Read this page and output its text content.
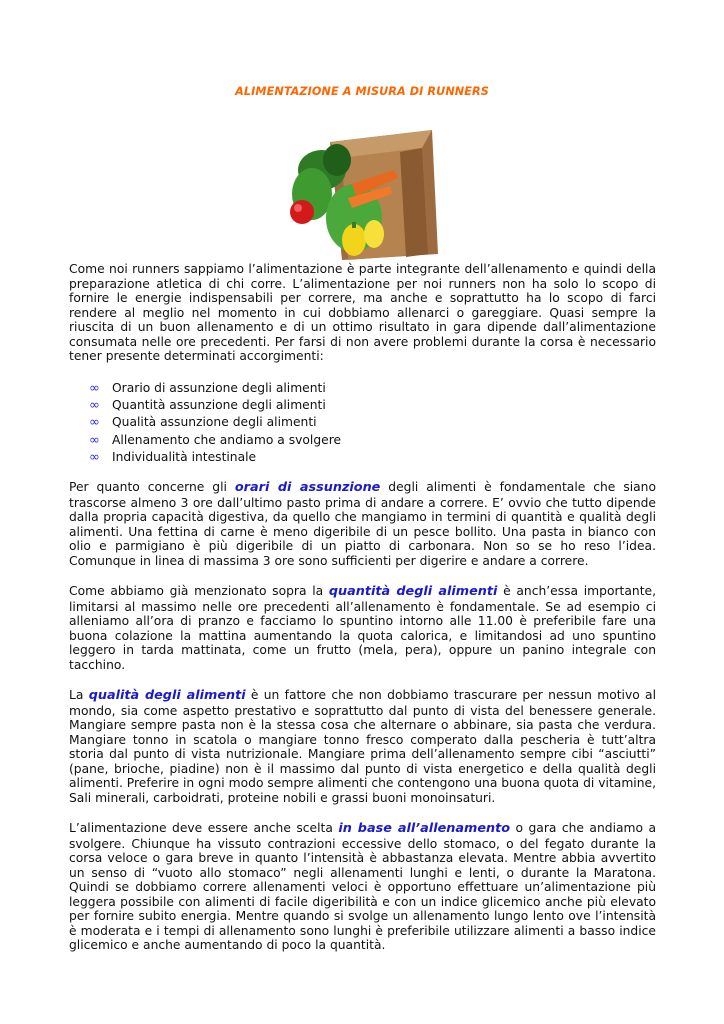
ALIMENTAZIONE A MISURA DI RUNNERS

Come noi runners sappiamo l’alimentazione è parte integrante dell’allenamento e quindi della preparazione atletica di chi corre. L’alimentazione per noi runners non ha solo lo scopo di fornire le energie indispensabili per correre, ma anche e soprattutto ha lo scopo di farci rendere al meglio nel momento in cui dobbiamo allenarci o gareggiare. Quasi sempre la riuscita di un buon allenamento e di un ottimo risultato in gara dipende dall’alimentazione consumata nelle ore precedenti. Per farsi di non avere problemi durante la corsa è necessario tener presente determinati accorgimenti:

∞ Orario di assunzione degli alimenti
∞ Quantità assunzione degli alimenti
∞ Qualità assunzione degli alimenti
∞ Allenamento che andiamo a svolgere
∞ Individualità intestinale

Per quanto concerne gli orari di assunzione degli alimenti è fondamentale che siano trascorse almeno 3 ore dall’ultimo pasto prima di andare a correre. E’ ovvio che tutto dipende dalla propria capacità digestiva, da quello che mangiamo in termini di quantità e qualità degli alimenti. Una fettina di carne è meno digeribile di un pesce bollito. Una pasta in bianco con olio e parmigiano è più digeribile di un piatto di carbonara. Non so se ho reso l’idea. Comunque in linea di massima 3 ore sono sufficienti per digerire e andare a correre.

Come abbiamo già menzionato sopra la quantità degli alimenti è anch’essa importante, limitarsi al massimo nelle ore precedenti all’allenamento è fondamentale. Se ad esempio ci alleniamo all’ora di pranzo e facciamo lo spuntino intorno alle 11.00 è preferibile fare una buona colazione la mattina aumentando la quota calorica, e limitandosi ad uno spuntino leggero in tarda mattinata, come un frutto (mela, pera), oppure un panino integrale con tacchino.

La qualità degli alimenti è un fattore che non dobbiamo trascurare per nessun motivo al mondo, sia come aspetto prestativo e soprattutto dal punto di vista del benessere generale. Mangiare sempre pasta non è la stessa cosa che alternare o abbinare, sia pasta che verdura. Mangiare tonno in scatola o mangiare tonno fresco comperato dalla pescheria è tutt’altra storia dal punto di vista nutrizionale. Mangiare prima dell’allenamento sempre cibi “asciutti” (pane, brioche, piadine) non è il massimo dal punto di vista energetico e della qualità degli alimenti. Preferire in ogni modo sempre alimenti che contengono una buona quota di vitamine, Sali minerali, carboidrati, proteine nobili e grassi buoni monoinsaturi.

L’alimentazione deve essere anche scelta in base all’allenamento o gara che andiamo a svolgere. Chiunque ha vissuto contrazioni eccessive dello stomaco, o del fegato durante la corsa veloce o gara breve in quanto l’intensità è abbastanza elevata. Mentre abbia avvertito un senso di “vuoto allo stomaco” negli allenamenti lunghi e lenti, o durante la Maratona. Quindi se dobbiamo correre allenamenti veloci è opportuno effettuare un’alimentazione più leggera possibile con alimenti di facile digeribilità e con un indice glicemico anche più elevato per fornire subito energia. Mentre quando si svolge un allenamento lungo lento ove l’intensità è moderata e i tempi di allenamento sono lunghi è preferibile utilizzare alimenti a basso indice glicemico e anche aumentando di poco la quantità.
